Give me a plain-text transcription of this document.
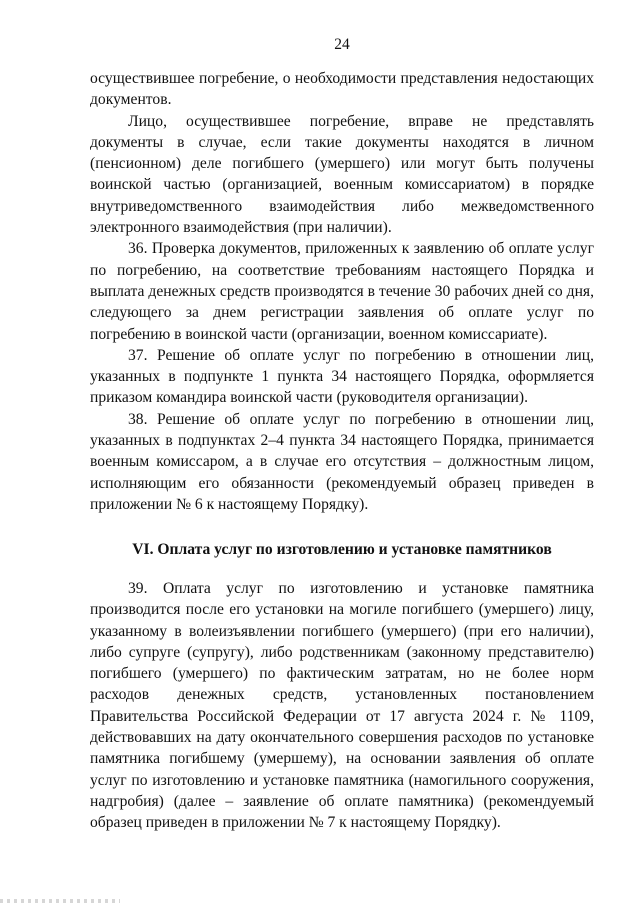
24

осуществившее погребение, о необходимости представления недостающих документов.

Лицо, осуществившее погребение, вправе не представлять документы в случае, если такие документы находятся в личном (пенсионном) деле погибшего (умершего) или могут быть получены воинской частью (организацией, военным комиссариатом) в порядке внутриведомственного взаимодействия либо межведомственного электронного взаимодействия (при наличии).

36. Проверка документов, приложенных к заявлению об оплате услуг по погребению, на соответствие требованиям настоящего Порядка и выплата денежных средств производятся в течение 30 рабочих дней со дня, следующего за днем регистрации заявления об оплате услуг по погребению в воинской части (организации, военном комиссариате).

37. Решение об оплате услуг по погребению в отношении лиц, указанных в подпункте 1 пункта 34 настоящего Порядка, оформляется приказом командира воинской части (руководителя организации).

38. Решение об оплате услуг по погребению в отношении лиц, указанных в подпунктах 2–4 пункта 34 настоящего Порядка, принимается военным комиссаром, а в случае его отсутствия – должностным лицом, исполняющим его обязанности (рекомендуемый образец приведен в приложении № 6 к настоящему Порядку).

VI. Оплата услуг по изготовлению и установке памятников

39. Оплата услуг по изготовлению и установке памятника производится после его установки на могиле погибшего (умершего) лицу, указанному в волеизъявлении погибшего (умершего) (при его наличии), либо супруге (супругу), либо родственникам (законному представителю) погибшего (умершего) по фактическим затратам, но не более норм расходов денежных средств, установленных постановлением Правительства Российской Федерации от 17 августа 2024 г. № 1109, действовавших на дату окончательного совершения расходов по установке памятника погибшему (умершему), на основании заявления об оплате услуг по изготовлению и установке памятника (намогильного сооружения, надгробия) (далее – заявление об оплате памятника) (рекомендуемый образец приведен в приложении № 7 к настоящему Порядку).
